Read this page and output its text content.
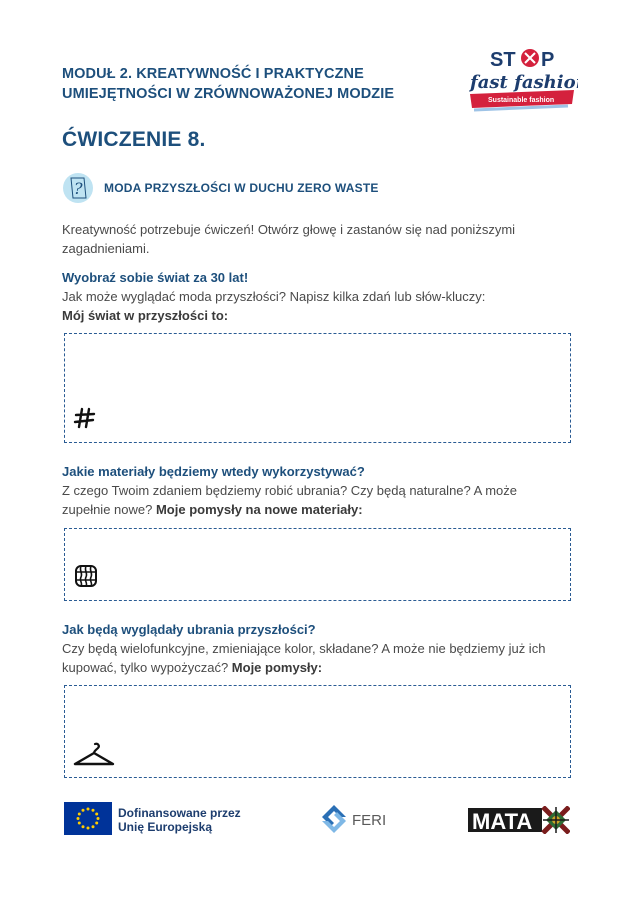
MODUŁ 2. KREATYWNOŚĆ I PRAKTYCZNE
UMIEJĘTNOŚCI W ZRÓWNOWAŻONEJ MODZIE
ST P
fast fashion
Sustainable fashion
ĆWICZENIE 8.
? MODA PRZYSZŁOŚCI W DUCHU ZERO WASTE
Kreatywność potrzebuje ćwiczeń! Otwórz głowę i zastanów się nad poniższymi
zagadnieniami.
Wyobraź sobie świat za 30 lat!
Jak może wyglądać moda przyszłości? Napisz kilka zdań lub słów-kluczy:
Mój świat w przyszłości to:
Jakie materiały będziemy wtedy wykorzystywać?
Z czego Twoim zdaniem będziemy robić ubrania? Czy będą naturalne? A może
zupełnie nowe? Moje pomysły na nowe materiały:
Jak będą wyglądały ubrania przyszłości?
Czy będą wielofunkcyjne, zmieniające kolor, składane? A może nie będziemy już ich
kupować, tylko wypożyczać? Moje pomysły:
Dofinansowane przez
Unię Europejską	FERI	MATA
